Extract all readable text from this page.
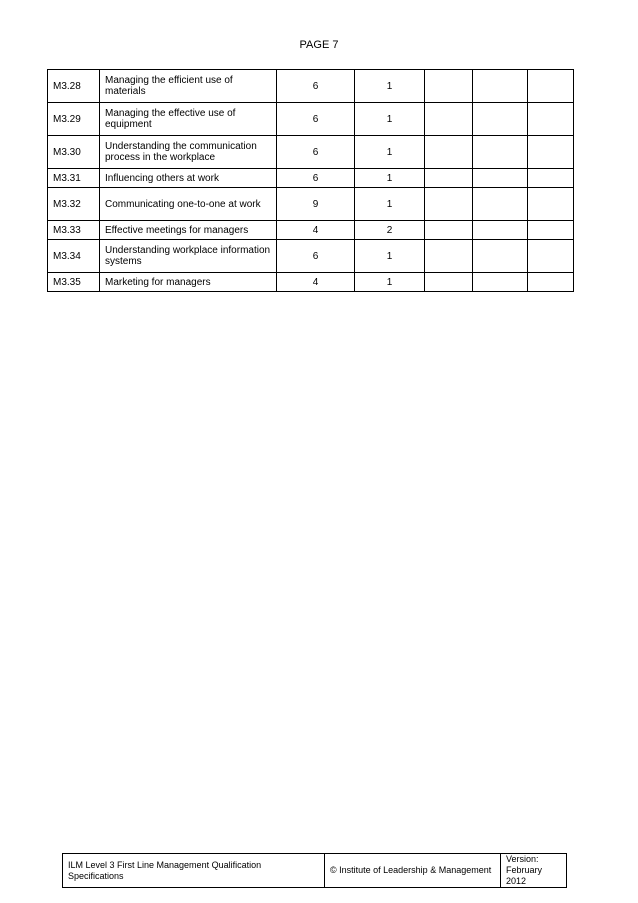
PAGE 7
M3.28	Managing the efficient use of materials	6	1			
M3.29	Managing the effective use of equipment	6	1			
M3.30	Understanding the communication process in the workplace	6	1			
M3.31	Influencing others at work	6	1			
M3.32	Communicating one-to-one at work	9	1			
M3.33	Effective meetings for managers	4	2			
M3.34	Understanding workplace information systems	6	1			
M3.35	Marketing for managers	4	1			
ILM Level 3 First Line Management Qualification Specifications	© Institute of Leadership & Management	Version: February 2012
